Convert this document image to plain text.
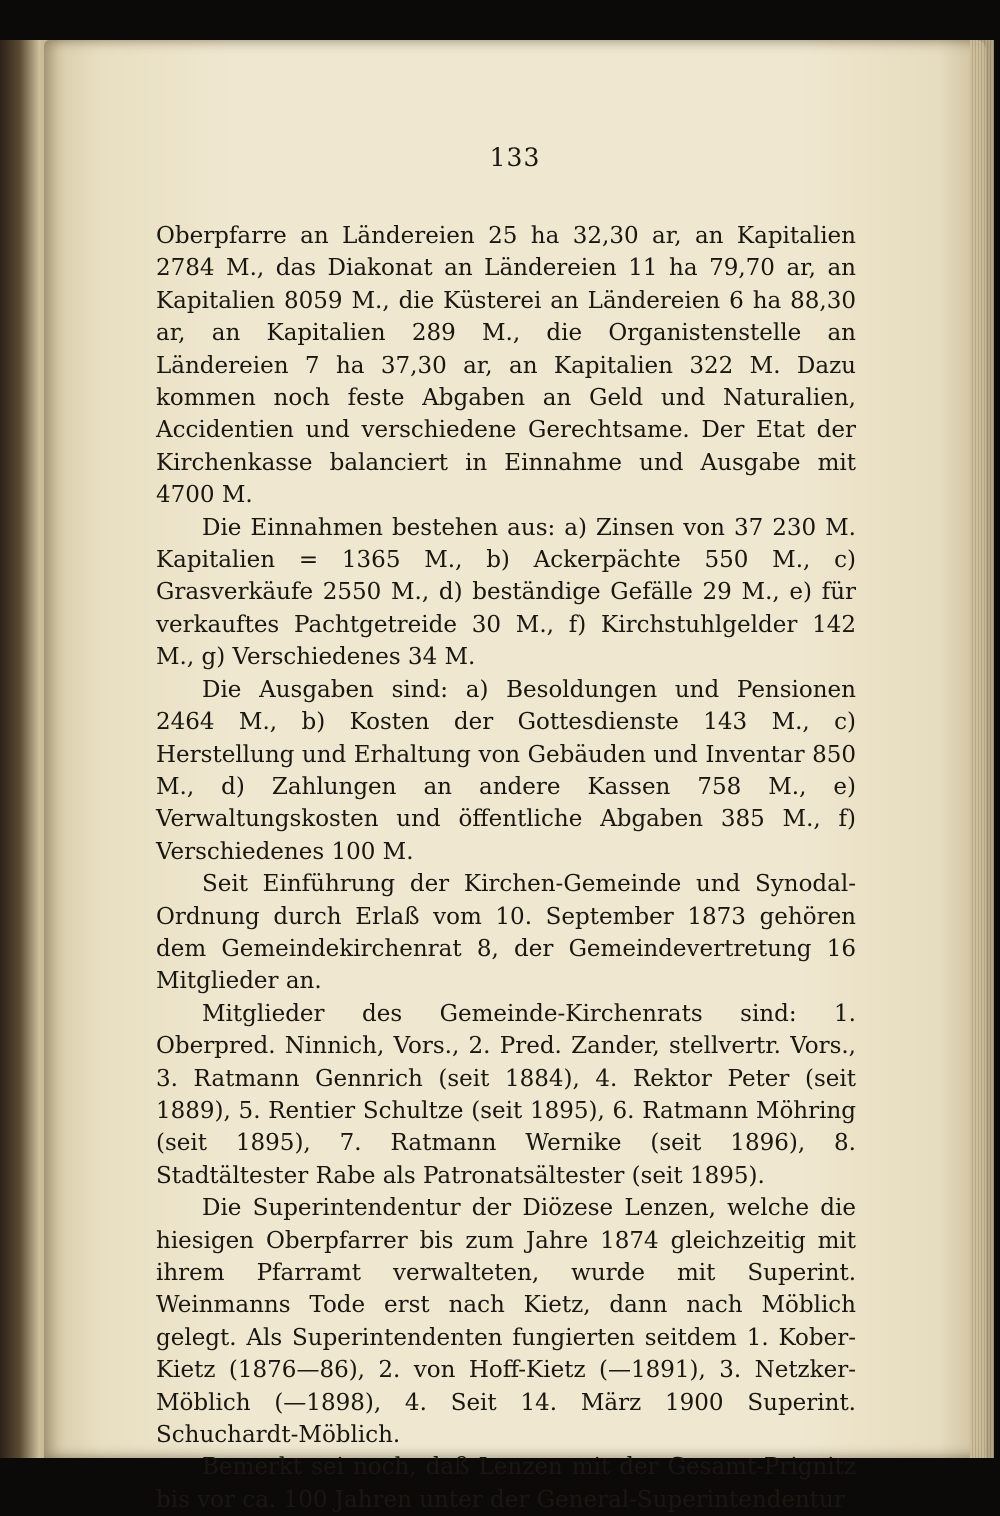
133

Oberpfarre an Ländereien 25 ha 32,30 ar, an Kapitalien 2784 M., das Diakonat an Ländereien 11 ha 79,70 ar, an Kapitalien 8059 M., die Küsterei an Ländereien 6 ha 88,30 ar, an Kapitalien 289 M., die Organistenstelle an Ländereien 7 ha 37,30 ar, an Kapitalien 322 M. Dazu kommen noch feste Abgaben an Geld und Naturalien, Accidentien und verschiedene Gerechtsame. Der Etat der Kirchenkasse balanciert in Einnahme und Ausgabe mit 4700 M.

Die Einnahmen bestehen aus: a) Zinsen von 37 230 M. Kapitalien = 1365 M., b) Ackerpächte 550 M., c) Grasverkäufe 2550 M., d) beständige Gefälle 29 M., e) für verkauftes Pachtgetreide 30 M., f) Kirchstuhlgelder 142 M., g) Verschiedenes 34 M.

Die Ausgaben sind: a) Besoldungen und Pensionen 2464 M., b) Kosten der Gottesdienste 143 M., c) Herstellung und Erhaltung von Gebäuden und Inventar 850 M., d) Zahlungen an andere Kassen 758 M., e) Verwaltungskosten und öffentliche Abgaben 385 M., f) Verschiedenes 100 M.

Seit Einführung der Kirchen-Gemeinde und Synodal-Ordnung durch Erlaß vom 10. September 1873 gehören dem Gemeindekirchenrat 8, der Gemeindevertretung 16 Mitglieder an.

Mitglieder des Gemeinde-Kirchenrats sind: 1. Oberpred. Ninnich, Vors., 2. Pred. Zander, stellvertr. Vors., 3. Ratmann Gennrich (seit 1884), 4. Rektor Peter (seit 1889), 5. Rentier Schultze (seit 1895), 6. Ratmann Möhring (seit 1895), 7. Ratmann Wernike (seit 1896), 8. Stadtältester Rabe als Patronatsältester (seit 1895).

Die Superintendentur der Diözese Lenzen, welche die hiesigen Oberpfarrer bis zum Jahre 1874 gleichzeitig mit ihrem Pfarramt verwalteten, wurde mit Superint. Weinmanns Tode erst nach Kietz, dann nach Möblich gelegt. Als Superintendenten fungierten seitdem 1. Kober-Kietz (1876—86), 2. von Hoff-Kietz (—1891), 3. Netzker-Möblich (—1898), 4. Seit 14. März 1900 Superint. Schuchardt-Möblich.

Bemerkt sei noch, daß Lenzen mit der Gesamt-Prignitz bis vor ca. 100 Jahren unter der General-Superintendentur
